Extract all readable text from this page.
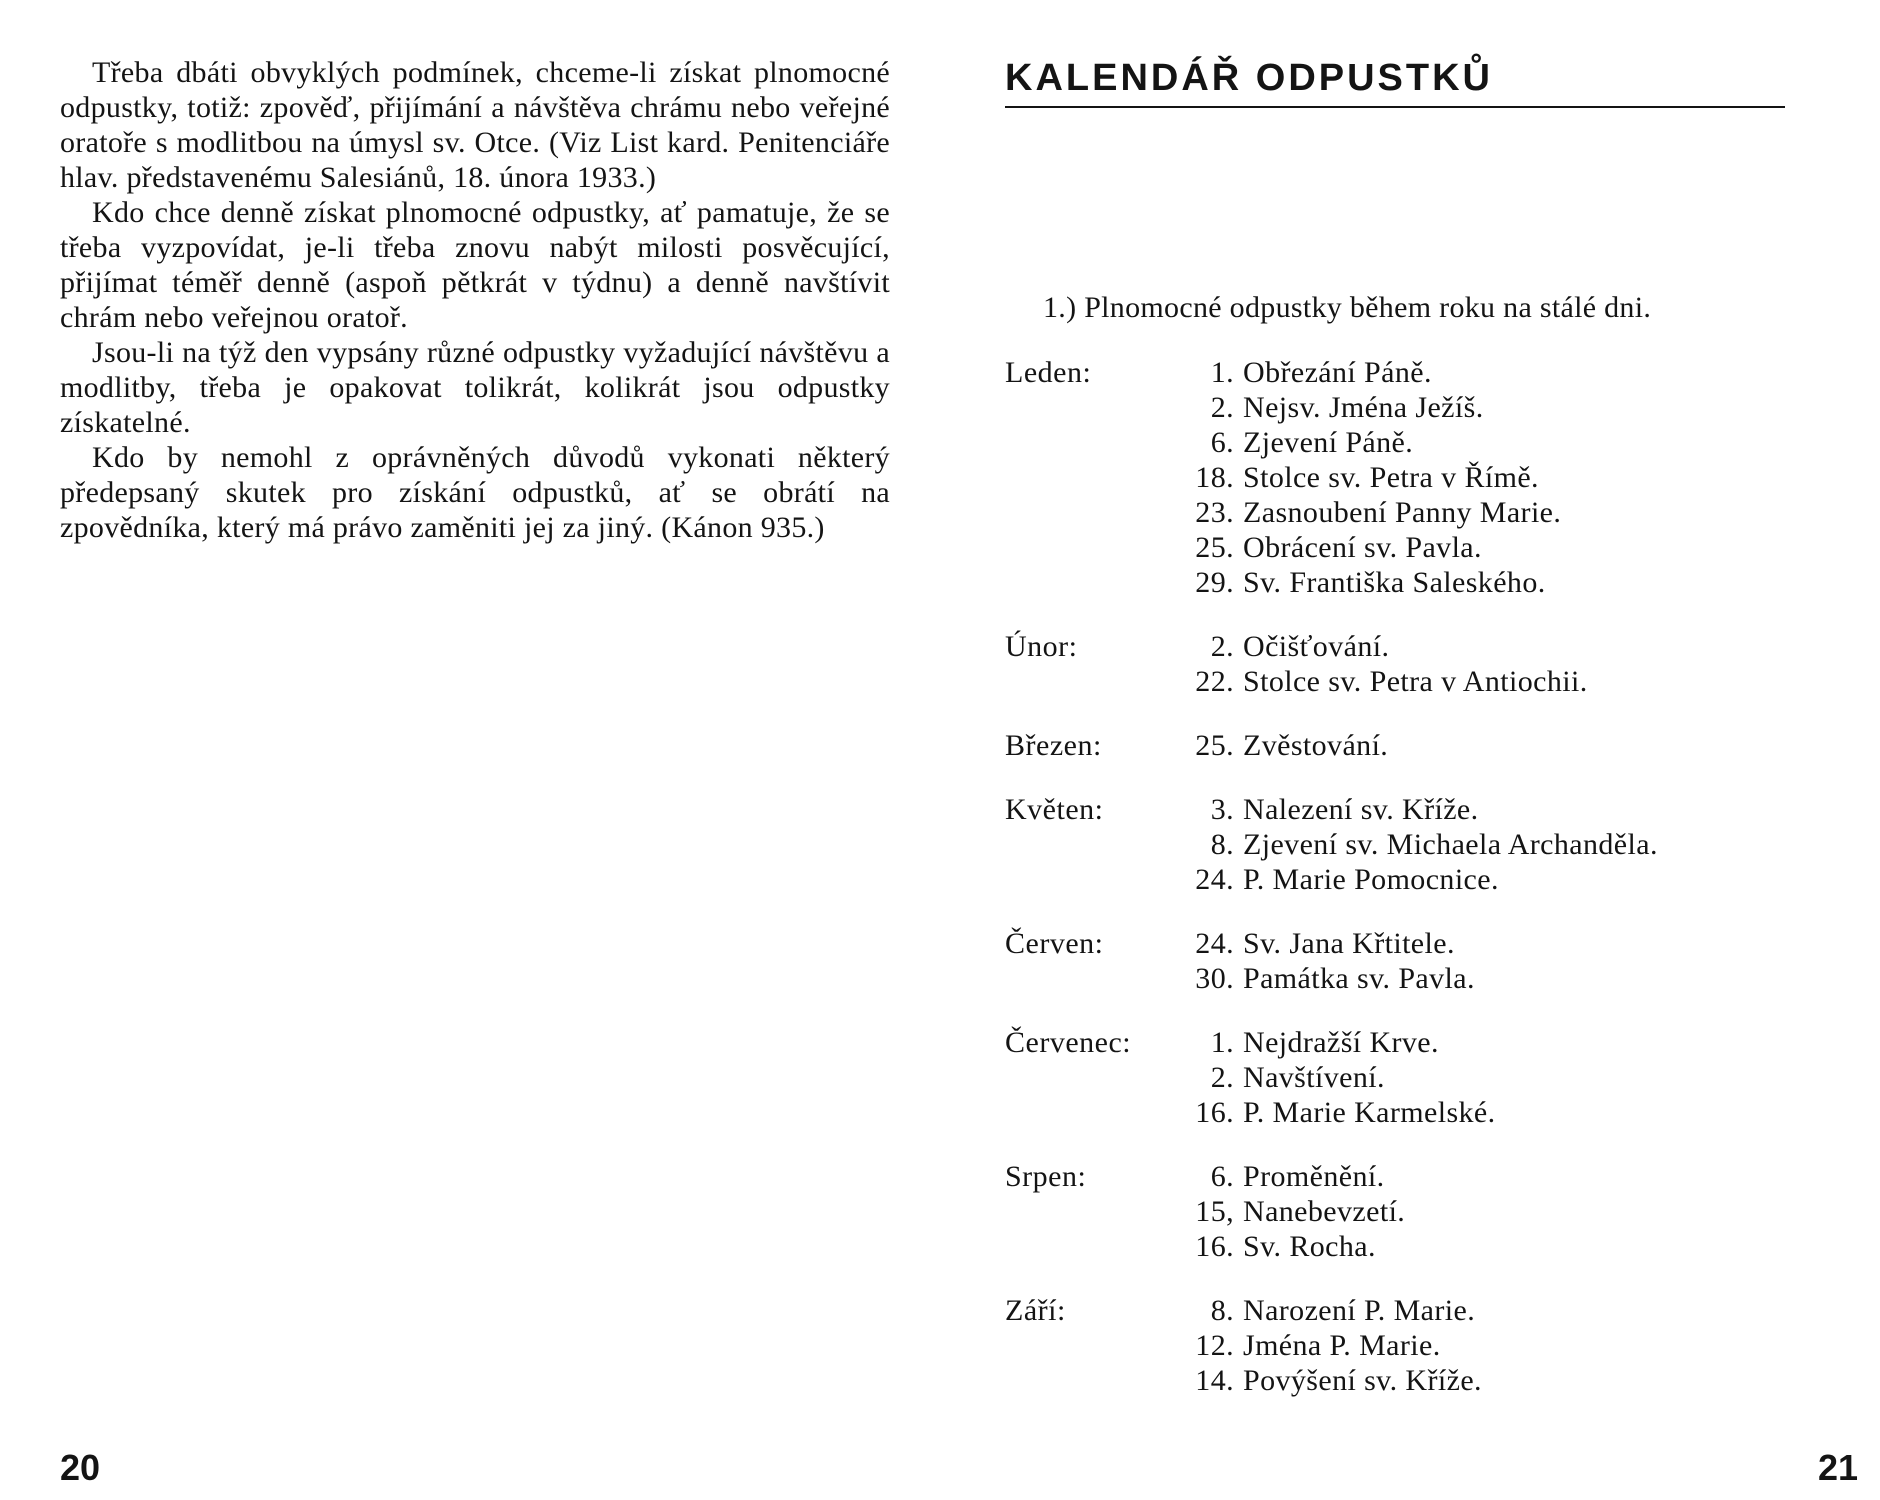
Třeba dbáti obvyklých podmínek, chceme-li získat plnomocné odpustky, totiž: zpověď, přijímání a návštěva chrámu nebo veřejné oratoře s modlitbou na úmysl sv. Otce. (Viz List kard. Penitenciáře hlav. představenému Salesiánů, 18. února 1933.)

Kdo chce denně získat plnomocné odpustky, ať pamatuje, že se třeba vyzpovídat, je-li třeba znovu nabýt milosti posvěcující, přijímat téměř denně (aspoň pětkrát v týdnu) a denně navštívit chrám nebo veřejnou oratoř.

Jsou-li na týž den vypsány různé odpustky vyžadující návštěvu a modlitby, třeba je opakovat tolikrát, kolikrát jsou odpustky získatelné.

Kdo by nemohl z oprávněných důvodů vykonati některý předepsaný skutek pro získání odpustků, ať se obrátí na zpovědníka, který má právo zaměniti jej za jiný. (Kánon 935.)

20
KALENDÁŘ ODPUSTKŮ
1.) Plnomocné odpustky během roku na stálé dni.
Leden:	1. Obřezání Páně.
2. Nejsv. Jména Ježíš.
6. Zjevení Páně.
18. Stolce sv. Petra v Římě.
23. Zasnoubení Panny Marie.
25. Obrácení sv. Pavla.
29. Sv. Františka Saleského.
Únor:	2. Očišťování.
22. Stolce sv. Petra v Antiochii.
Březen:	25. Zvěstování.
Květen:	3. Nalezení sv. Kříže.
8. Zjevení sv. Michaela Archanděla.
24. P. Marie Pomocnice.
Červen:	24. Sv. Jana Křtitele.
30. Památka sv. Pavla.
Červenec:	1. Nejdražší Krve.
2. Navštívení.
16. P. Marie Karmelské.
Srpen:	6. Proměnění.
15, Nanebevzetí.
16. Sv. Rocha.
Září:	8. Narození P. Marie.
12. Jména P. Marie.
14. Povýšení sv. Kříže.
21
